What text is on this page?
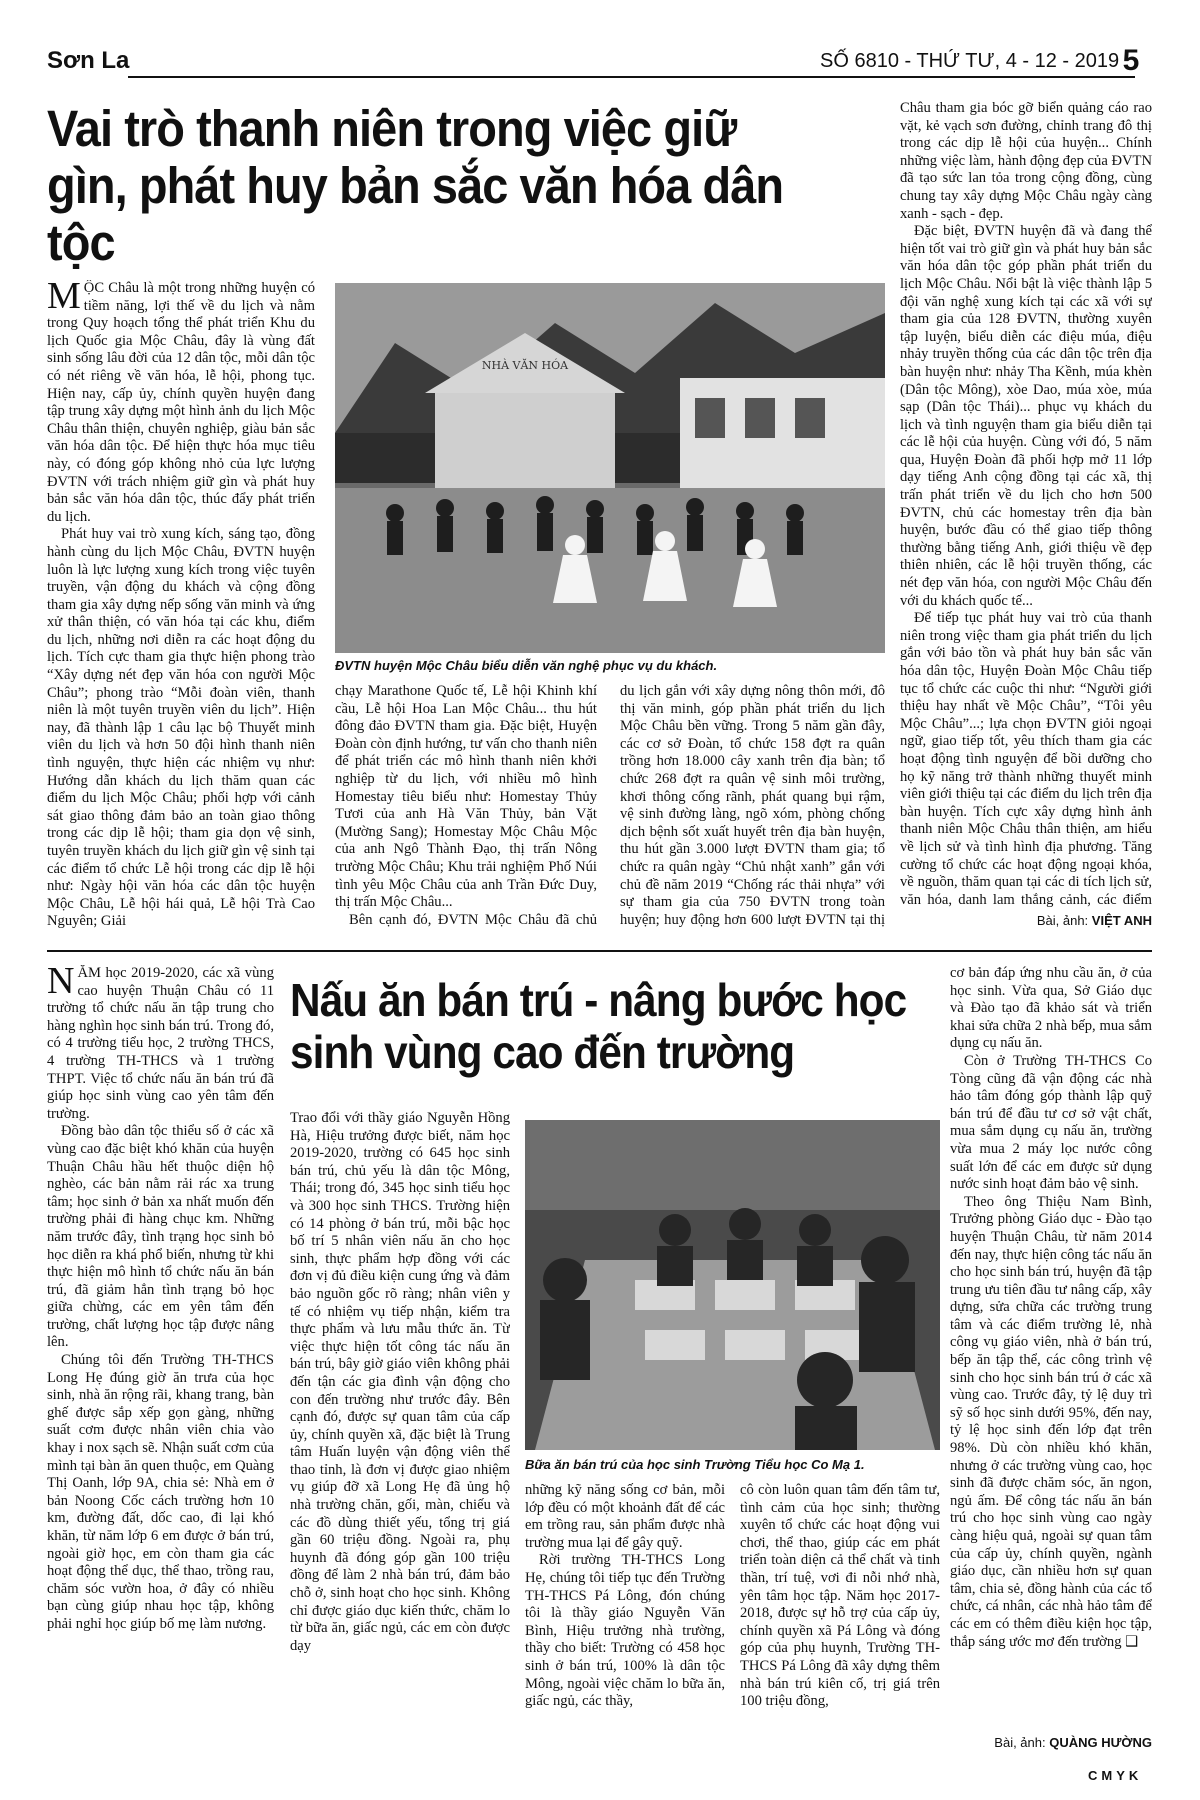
Sơn La	SỐ 6810 - THỨ TƯ, 4 - 12 - 2019 5
Vai trò thanh niên trong việc giữ gìn, phát huy bản sắc văn hóa dân tộc

MỘC Châu là một trong những huyện có tiềm năng, lợi thế về du lịch và nằm trong Quy hoạch tổng thể phát triển Khu du lịch Quốc gia Mộc Châu, đây là vùng đất sinh sống lâu đời của 12 dân tộc, mỗi dân tộc có nét riêng về văn hóa, lễ hội, phong tục. Hiện nay, cấp ủy, chính quyền huyện đang tập trung xây dựng một hình ảnh du lịch Mộc Châu thân thiện, chuyên nghiệp, giàu bản sắc văn hóa dân tộc. Để hiện thực hóa mục tiêu này, có đóng góp không nhỏ của lực lượng ĐVTN với trách nhiệm giữ gìn và phát huy bản sắc văn hóa dân tộc, thúc đẩy phát triển du lịch.

Phát huy vai trò xung kích, sáng tạo, đồng hành cùng du lịch Mộc Châu, ĐVTN huyện luôn là lực lượng xung kích trong việc tuyên truyền, vận động du khách và cộng đồng tham gia xây dựng nếp sống văn minh và ứng xử thân thiện, có văn hóa tại các khu, điểm du lịch, những nơi diễn ra các hoạt động du lịch. Tích cực tham gia thực hiện phong trào “Xây dựng nét đẹp văn hóa con người Mộc Châu”; phong trào “Mỗi đoàn viên, thanh niên là một tuyên truyền viên du lịch”. Hiện nay, đã thành lập 1 câu lạc bộ Thuyết minh viên du lịch và hơn 50 đội hình thanh niên tình nguyện, thực hiện các nhiệm vụ như: Hướng dẫn khách du lịch thăm quan các điểm du lịch Mộc Châu; phối hợp với cảnh sát giao thông đảm bảo an toàn giao thông trong các dịp lễ hội; tham gia dọn vệ sinh, tuyên truyền khách du lịch giữ gìn vệ sinh tại các điểm tổ chức Lễ hội trong các dịp lễ hội như: Ngày hội văn hóa các dân tộc huyện Mộc Châu, Lễ hội hái quả, Lễ hội Trà Cao Nguyên; Giải

NHÀ VĂN HÓA
ĐVTN huyện Mộc Châu biểu diễn văn nghệ phục vụ du khách.

chạy Marathone Quốc tế, Lễ hội Khinh khí cầu, Lễ hội Hoa Lan Mộc Châu... thu hút đông đảo ĐVTN tham gia. Đặc biệt, Huyện Đoàn còn định hướng, tư vấn cho thanh niên để phát triển các mô hình thanh niên khởi nghiệp từ du lịch, với nhiều mô hình Homestay tiêu biểu như: Homestay Thủy Tươi của anh Hà Văn Thủy, bản Vặt (Mường Sang); Homestay Mộc Châu Mộc của anh Ngô Thành Đạo, thị trấn Nông trường Mộc Châu; Khu trải nghiệm Phố Núi tình yêu Mộc Châu của anh Trần Đức Duy, thị trấn Mộc Châu...

Bên cạnh đó, ĐVTN Mộc Châu đã chủ

du lịch gắn với xây dựng nông thôn mới, đô thị văn minh, góp phần phát triển du lịch Mộc Châu bền vững. Trong 5 năm gần đây, các cơ sở Đoàn, tổ chức 158 đợt ra quân trồng hơn 18.000 cây xanh trên địa bàn; tổ chức 268 đợt ra quân vệ sinh môi trường, khơi thông cống rãnh, phát quang bụi rậm, vệ sinh đường làng, ngõ xóm, phòng chống dịch bệnh sốt xuất huyết trên địa bàn huyện, thu hút gần 3.000 lượt ĐVTN tham gia; tổ chức ra quân ngày “Chủ nhật xanh” gắn với chủ đề năm 2019 “Chống rác thải nhựa” với sự tham gia của 750 ĐVTN trong toàn huyện; huy động hơn 600 lượt ĐVTN tại thị

Châu tham gia bóc gỡ biển quảng cáo rao vặt, kẻ vạch sơn đường, chỉnh trang đô thị trong các dịp lễ hội của huyện... Chính những việc làm, hành động đẹp của ĐVTN đã tạo sức lan tỏa trong cộng đồng, cùng chung tay xây dựng Mộc Châu ngày càng xanh - sạch - đẹp.

Đặc biệt, ĐVTN huyện đã và đang thể hiện tốt vai trò giữ gìn và phát huy bản sắc văn hóa dân tộc góp phần phát triển du lịch Mộc Châu. Nổi bật là việc thành lập 5 đội văn nghệ xung kích tại các xã với sự tham gia của 128 ĐVTN, thường xuyên tập luyện, biểu diễn các điệu múa, điệu nhảy truyền thống của các dân tộc trên địa bàn huyện như: nhảy Tha Kềnh, múa khèn (Dân tộc Mông), xòe Dao, múa xòe, múa sạp (Dân tộc Thái)... phục vụ khách du lịch và tình nguyện tham gia biểu diễn tại các lễ hội của huyện. Cùng với đó, 5 năm qua, Huyện Đoàn đã phối hợp mở 11 lớp dạy tiếng Anh cộng đồng tại các xã, thị trấn phát triển về du lịch cho hơn 500 ĐVTN, chủ các homestay trên địa bàn huyện, bước đầu có thể giao tiếp thông thường bằng tiếng Anh, giới thiệu về đẹp thiên nhiên, các lễ hội truyền thống, các nét đẹp văn hóa, con người Mộc Châu đến với du khách quốc tế...

Để tiếp tục phát huy vai trò của thanh niên trong việc tham gia phát triển du lịch gắn với bảo tồn và phát huy bản sắc văn hóa dân tộc, Huyện Đoàn Mộc Châu tiếp tục tổ chức các cuộc thi như: “Người giới thiệu hay nhất về Mộc Châu”, “Tôi yêu Mộc Châu”...; lựa chọn ĐVTN giỏi ngoại ngữ, giao tiếp tốt, yêu thích tham gia các hoạt động tình nguyện để bồi dưỡng cho họ kỹ năng trở thành những thuyết minh viên giới thiệu tại các điểm du lịch trên địa bàn huyện. Tích cực xây dựng hình ảnh thanh niên Mộc Châu thân thiện, am hiểu về lịch sử và tình hình địa phương. Tăng cường tổ chức các hoạt động ngoại khóa, về nguồn, thăm quan tại các di tích lịch sử, văn hóa, danh lam thắng cảnh, các điểm

Bài, ảnh: VIỆT ANH

NĂM học 2019-2020, các xã vùng cao huyện Thuận Châu có 11 trường tổ chức nấu ăn tập trung cho hàng nghìn học sinh bán trú. Trong đó, có 4 trường tiểu học, 2 trường THCS, 4 trường TH-THCS và 1 trường THPT. Việc tổ chức nấu ăn bán trú đã giúp học sinh vùng cao yên tâm đến trường.

Đồng bào dân tộc thiểu số ở các xã vùng cao đặc biệt khó khăn của huyện Thuận Châu hầu hết thuộc diện hộ nghèo, các bản nằm rải rác xa trung tâm; học sinh ở bản xa nhất muốn đến trường phải đi hàng chục km. Những năm trước đây, tình trạng học sinh bỏ học diễn ra khá phổ biến, nhưng từ khi thực hiện mô hình tổ chức nấu ăn bán trú, đã giảm hẳn tình trạng bỏ học giữa chừng, các em yên tâm đến trường, chất lượng học tập được nâng lên.

Chúng tôi đến Trường TH-THCS Long Hẹ đúng giờ ăn trưa của học sinh, nhà ăn rộng rãi, khang trang, bàn ghế được sắp xếp gọn gàng, những suất cơm được nhân viên chia vào khay i nox sạch sẽ. Nhận suất cơm của mình tại bàn ăn quen thuộc, em Quàng Thị Oanh, lớp 9A, chia sẻ: Nhà em ở bản Noong Cốc cách trường hơn 10 km, đường đất, dốc cao, đi lại khó khăn, từ năm lớp 6 em được ở bán trú, ngoài giờ học, em còn tham gia các hoạt động thể dục, thể thao, trồng rau, chăm sóc vườn hoa, ở đây có nhiều bạn cùng giúp nhau học tập, không phải nghỉ học giúp bố mẹ làm nương.

Nấu ăn bán trú - nâng bước học sinh vùng cao đến trường

Trao đổi với thầy giáo Nguyễn Hồng Hà, Hiệu trưởng được biết, năm học 2019-2020, trường có 645 học sinh bán trú, chủ yếu là dân tộc Mông, Thái; trong đó, 345 học sinh tiểu học và 300 học sinh THCS. Trường hiện có 14 phòng ở bán trú, mỗi bậc học bố trí 5 nhân viên nấu ăn cho học sinh, thực phẩm hợp đồng với các đơn vị đủ điều kiện cung ứng và đảm bảo nguồn gốc rõ ràng; nhân viên y tế có nhiệm vụ tiếp nhận, kiểm tra thực phẩm và lưu mẫu thức ăn. Từ việc thực hiện tốt công tác nấu ăn bán trú, bây giờ giáo viên không phải đến tận các gia đình vận động cho con đến trường như trước đây. Bên cạnh đó, được sự quan tâm của cấp ủy, chính quyền xã, đặc biệt là Trung tâm Huấn luyện vận động viên thể thao tỉnh, là đơn vị được giao nhiệm vụ giúp đỡ xã Long Hẹ đã ủng hộ nhà trường chăn, gối, màn, chiếu và các đồ dùng thiết yếu, tổng trị giá gần 60 triệu đồng. Ngoài ra, phụ huynh đã đóng góp gần 100 triệu đồng để làm 2 nhà bán trú, đảm bảo chỗ ở, sinh hoạt cho học sinh. Không chỉ được giáo dục kiến thức, chăm lo từ bữa ăn, giấc ngủ, các em còn được dạy

Bữa ăn bán trú của học sinh Trường Tiểu học Co Mạ 1.

những kỹ năng sống cơ bản, mỗi lớp đều có một khoảnh đất để các em trồng rau, sản phẩm được nhà trường mua lại để gây quỹ.

Rời trường TH-THCS Long Hẹ, chúng tôi tiếp tục đến Trường TH-THCS Pá Lông, đón chúng tôi là thầy giáo Nguyễn Văn Bình, Hiệu trưởng nhà trường, thầy cho biết: Trường có 458 học sinh ở bán trú, 100% là dân tộc Mông, ngoài việc chăm lo bữa ăn, giấc ngủ, các thầy,

cô còn luôn quan tâm đến tâm tư, tình cảm của học sinh; thường xuyên tổ chức các hoạt động vui chơi, thể thao, giúp các em phát triển toàn diện cả thể chất và tinh thần, trí tuệ, vơi đi nỗi nhớ nhà, yên tâm học tập. Năm học 2017-2018, được sự hỗ trợ của cấp ủy, chính quyền xã Pá Lông và đóng góp của phụ huynh, Trường TH-THCS Pá Lông đã xây dựng thêm nhà bán trú kiên cố, trị giá trên 100 triệu đồng,

cơ bản đáp ứng nhu cầu ăn, ở của học sinh. Vừa qua, Sở Giáo dục và Đào tạo đã khảo sát và triển khai sửa chữa 2 nhà bếp, mua sắm dụng cụ nấu ăn.

Còn ở Trường TH-THCS Co Tòng cũng đã vận động các nhà hảo tâm đóng góp thành lập quỹ bán trú để đầu tư cơ sở vật chất, mua sắm dụng cụ nấu ăn, trường vừa mua 2 máy lọc nước công suất lớn để các em được sử dụng nước sinh hoạt đảm bảo vệ sinh.

Theo ông Thiệu Nam Bình, Trưởng phòng Giáo dục - Đào tạo huyện Thuận Châu, từ năm 2014 đến nay, thực hiện công tác nấu ăn cho học sinh bán trú, huyện đã tập trung ưu tiên đầu tư nâng cấp, xây dựng, sửa chữa các trường trung tâm và các điểm trường lẻ, nhà công vụ giáo viên, nhà ở bán trú, bếp ăn tập thể, các công trình vệ sinh cho học sinh bán trú ở các xã vùng cao. Trước đây, tỷ lệ duy trì sỹ số học sinh dưới 95%, đến nay, tỷ lệ học sinh đến lớp đạt trên 98%. Dù còn nhiều khó khăn, nhưng ở các trường vùng cao, học sinh đã được chăm sóc, ăn ngon, ngủ ấm. Để công tác nấu ăn bán trú cho học sinh vùng cao ngày càng hiệu quả, ngoài sự quan tâm của cấp ủy, chính quyền, ngành giáo dục, cần nhiều hơn sự quan tâm, chia sẻ, đồng hành của các tổ chức, cá nhân, các nhà hảo tâm để các em có thêm điều kiện học tập, thắp sáng ước mơ đến trường ❑

Bài, ảnh: QUÀNG HƯỜNG
CMYK
